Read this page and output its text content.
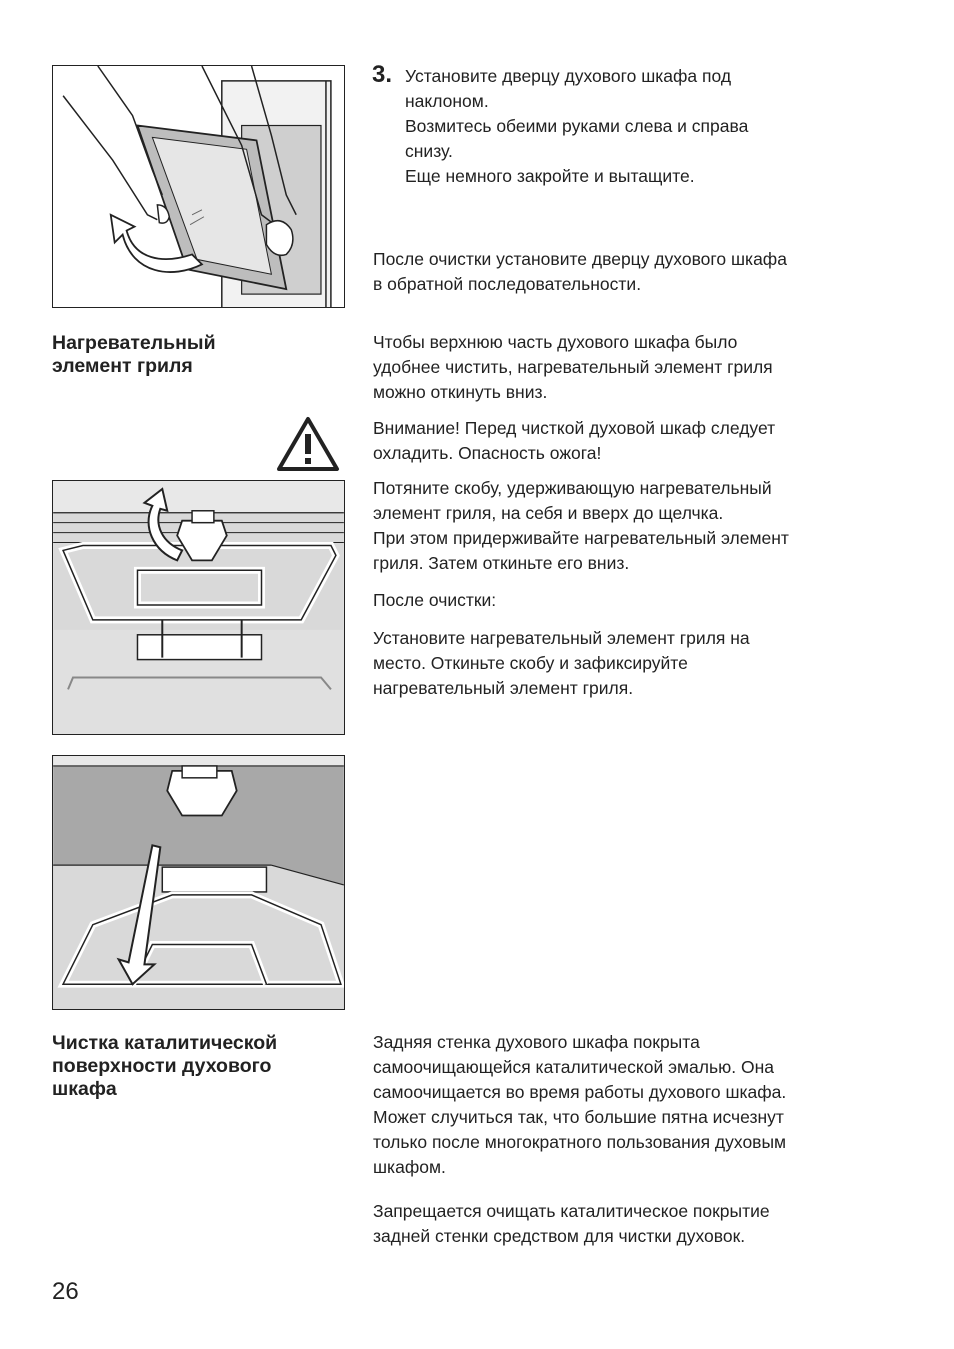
3. Установите дверцу духового шкафа под

наклоном.

Возмитесь обеими руками слева и справа

снизу.

Еще немного закройте и вытащите.

После очистки установите дверцу духового шкафа

в обратной последовательности.

Нагревательный
элемент гриля

Чтобы верхнюю часть духового шкафа было

удобнее чистить, нагревательный элемент гриля

можно откинуть вниз.

Внимание! Перед чисткой духовой шкаф следует

охладить. Опасность ожога!

Потяните скобу, удерживающую нагревательный

элемент гриля, на себя и вверх до щелчка.

При этом придерживайте нагревательный элемент

гриля. Затем откиньте его вниз.

После очистки:

Установите нагревательный элемент гриля на

место. Откиньте скобу и зафиксируйте

нагревательный элемент гриля.

Чистка каталитической
поверхности духового
шкафа

Задняя стенка духового шкафа покрыта

самоочищающейся каталитической эмалью. Она

самоочищается во время работы духового шкафа.

Может случиться так, что большие пятна исчезнут

только после многократного пользования духовым

шкафом.

Запрещается очищать каталитическое покрытие

задней стенки средством для чистки духовок.

26
